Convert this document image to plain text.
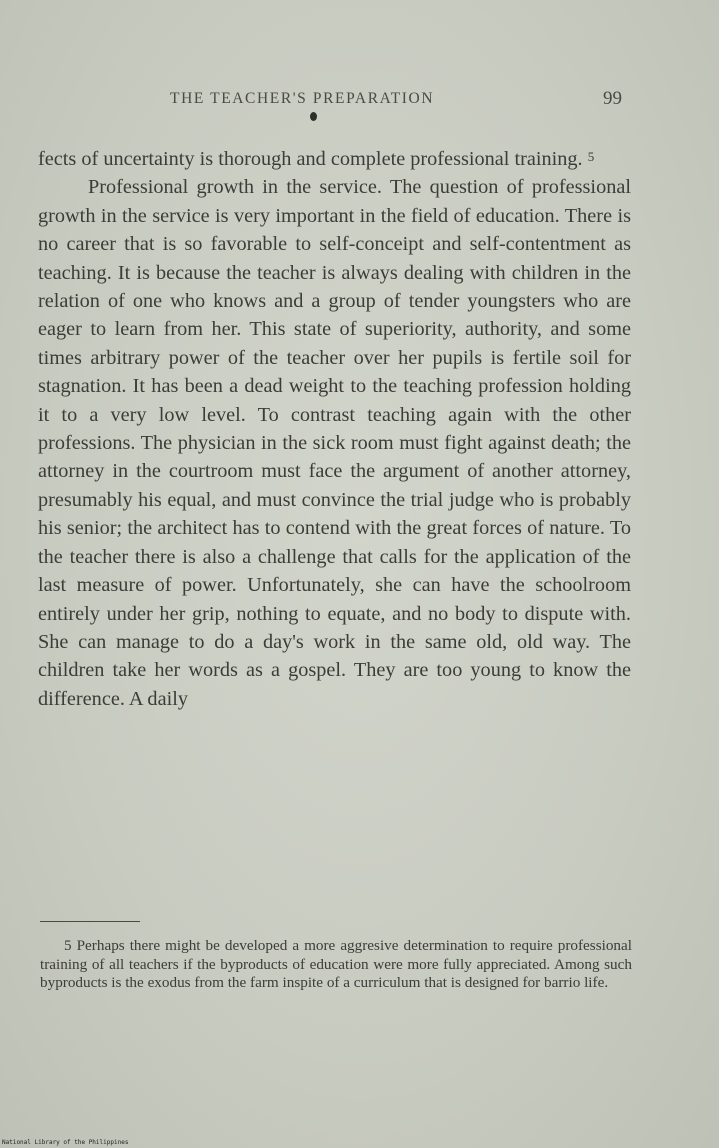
THE TEACHER'S PREPARATION	99

fects of uncertainty is thorough and complete professional training. 5

Professional growth in the service. The question of professional growth in the service is very important in the field of education. There is no career that is so favorable to self-conceipt and self-contentment as teaching. It is because the teacher is always dealing with children in the relation of one who knows and a group of tender youngsters who are eager to learn from her. This state of superiority, authority, and some times arbitrary power of the teacher over her pupils is fertile soil for stagnation. It has been a dead weight to the teaching profession holding it to a very low level. To contrast teaching again with the other professions. The physician in the sick room must fight against death; the attorney in the courtroom must face the argument of another attorney, presumably his equal, and must convince the trial judge who is probably his senior; the architect has to contend with the great forces of nature. To the teacher there is also a challenge that calls for the application of the last measure of power. Unfortunately, she can have the schoolroom entirely under her grip, nothing to equate, and no body to dispute with. She can manage to do a day's work in the same old, old way. The children take her words as a gospel. They are too young to know the difference. A daily

5 Perhaps there might be developed a more aggresive determination to require professional training of all teachers if the byproducts of education were more fully appreciated. Among such byproducts is the exodus from the farm inspite of a curriculum that is designed for barrio life.

National Library of the Philippines
